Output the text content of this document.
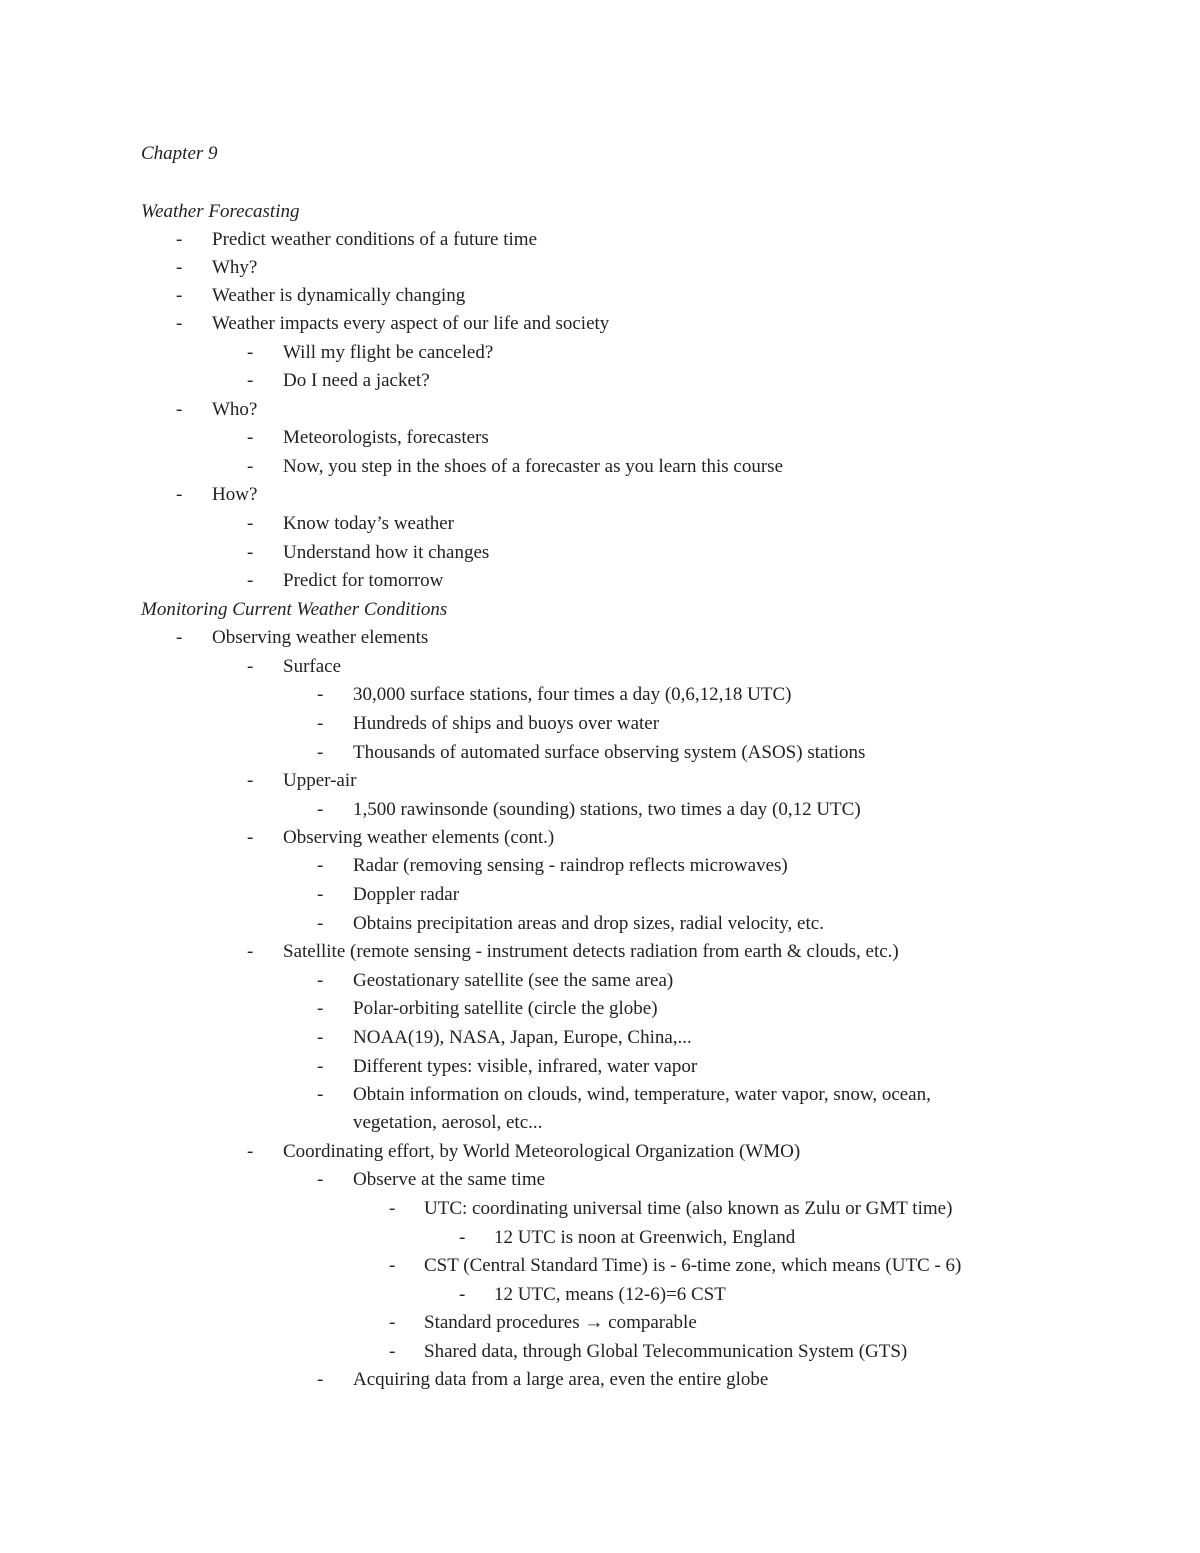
Chapter 9
Weather Forecasting
- Predict weather conditions of a future time
- Why?
- Weather is dynamically changing
- Weather impacts every aspect of our life and society
- Will my flight be canceled?
- Do I need a jacket?
- Who?
- Meteorologists, forecasters
- Now, you step in the shoes of a forecaster as you learn this course
- How?
- Know today’s weather
- Understand how it changes
- Predict for tomorrow
Monitoring Current Weather Conditions
- Observing weather elements
- Surface
- 30,000 surface stations, four times a day (0,6,12,18 UTC)
- Hundreds of ships and buoys over water
- Thousands of automated surface observing system (ASOS) stations
- Upper-air
- 1,500 rawinsonde (sounding) stations, two times a day (0,12 UTC)
- Observing weather elements (cont.)
- Radar (removing sensing - raindrop reflects microwaves)
- Doppler radar
- Obtains precipitation areas and drop sizes, radial velocity, etc.
- Satellite (remote sensing - instrument detects radiation from earth & clouds, etc.)
- Geostationary satellite (see the same area)
- Polar-orbiting satellite (circle the globe)
- NOAA(19), NASA, Japan, Europe, China,...
- Different types: visible, infrared, water vapor
- Obtain information on clouds, wind, temperature, water vapor, snow, ocean,
vegetation, aerosol, etc...
- Coordinating effort, by World Meteorological Organization (WMO)
- Observe at the same time
- UTC: coordinating universal time (also known as Zulu or GMT time)
- 12 UTC is noon at Greenwich, England
- CST (Central Standard Time) is - 6-time zone, which means (UTC - 6)
- 12 UTC, means (12-6)=6 CST
- Standard procedures → comparable
- Shared data, through Global Telecommunication System (GTS)
- Acquiring data from a large area, even the entire globe
